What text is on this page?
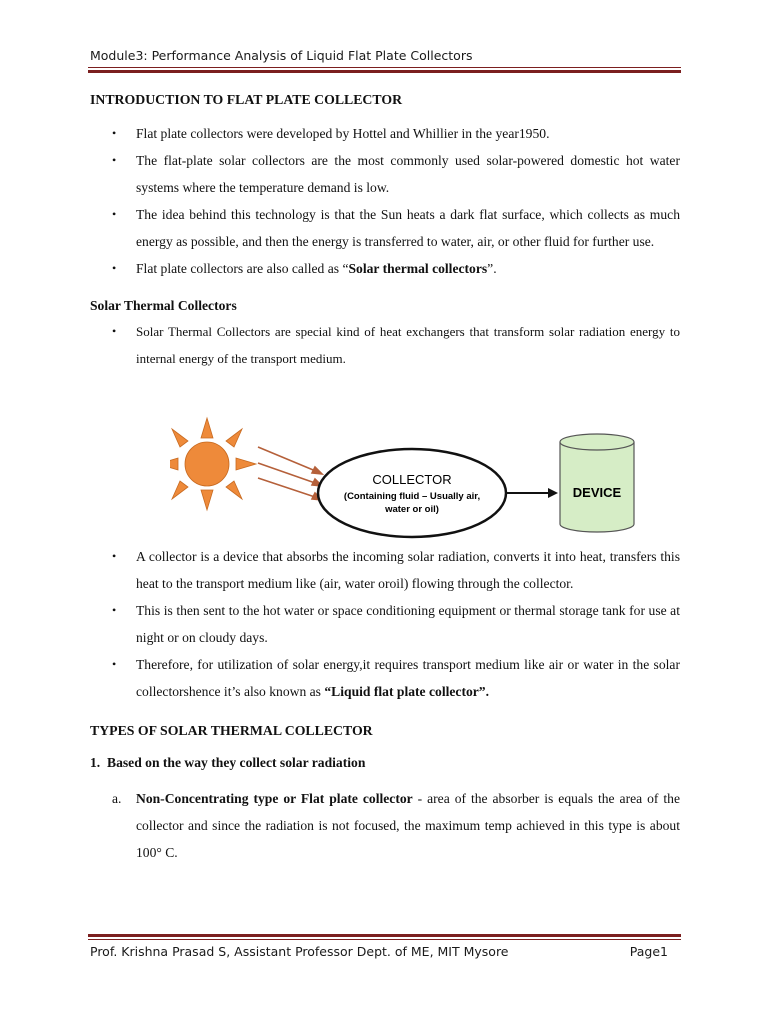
Module3: Performance Analysis of Liquid Flat Plate Collectors

INTRODUCTION TO FLAT PLATE COLLECTOR

• Flat plate collectors were developed by Hottel and Whillier in the year1950.
• The flat-plate solar collectors are the most commonly used solar-powered domestic hot water systems where the temperature demand is low.
• The idea behind this technology is that the Sun heats a dark flat surface, which collects as much energy as possible, and then the energy is transferred to water, air, or other fluid for further use.
• Flat plate collectors are also called as “Solar thermal collectors”.

Solar Thermal Collectors

• Solar Thermal Collectors are special kind of heat exchangers that transform solar radiation energy to internal energy of the transport medium.
COLLECTOR
(Containing fluid – Usually air,
water or oil)
DEVICE
• A collector is a device that absorbs the incoming solar radiation, converts it into heat, transfers this heat to the transport medium like (air, water oroil) flowing through the collector.
• This is then sent to the hot water or space conditioning equipment or thermal storage tank for use at night or on cloudy days.
• Therefore, for utilization of solar energy,it requires transport medium like air or water in the solar collectorshence it’s also known as “Liquid flat plate collector”.

TYPES OF SOLAR THERMAL COLLECTOR

1. Based on the way they collect solar radiation

a. Non-Concentrating type or Flat plate collector - area of the absorber is equals the area of the collector and since the radiation is not focused, the maximum temp achieved in this type is about 100° C.
Prof. Krishna Prasad S, Assistant Professor Dept. of ME, MIT Mysore	Page1
